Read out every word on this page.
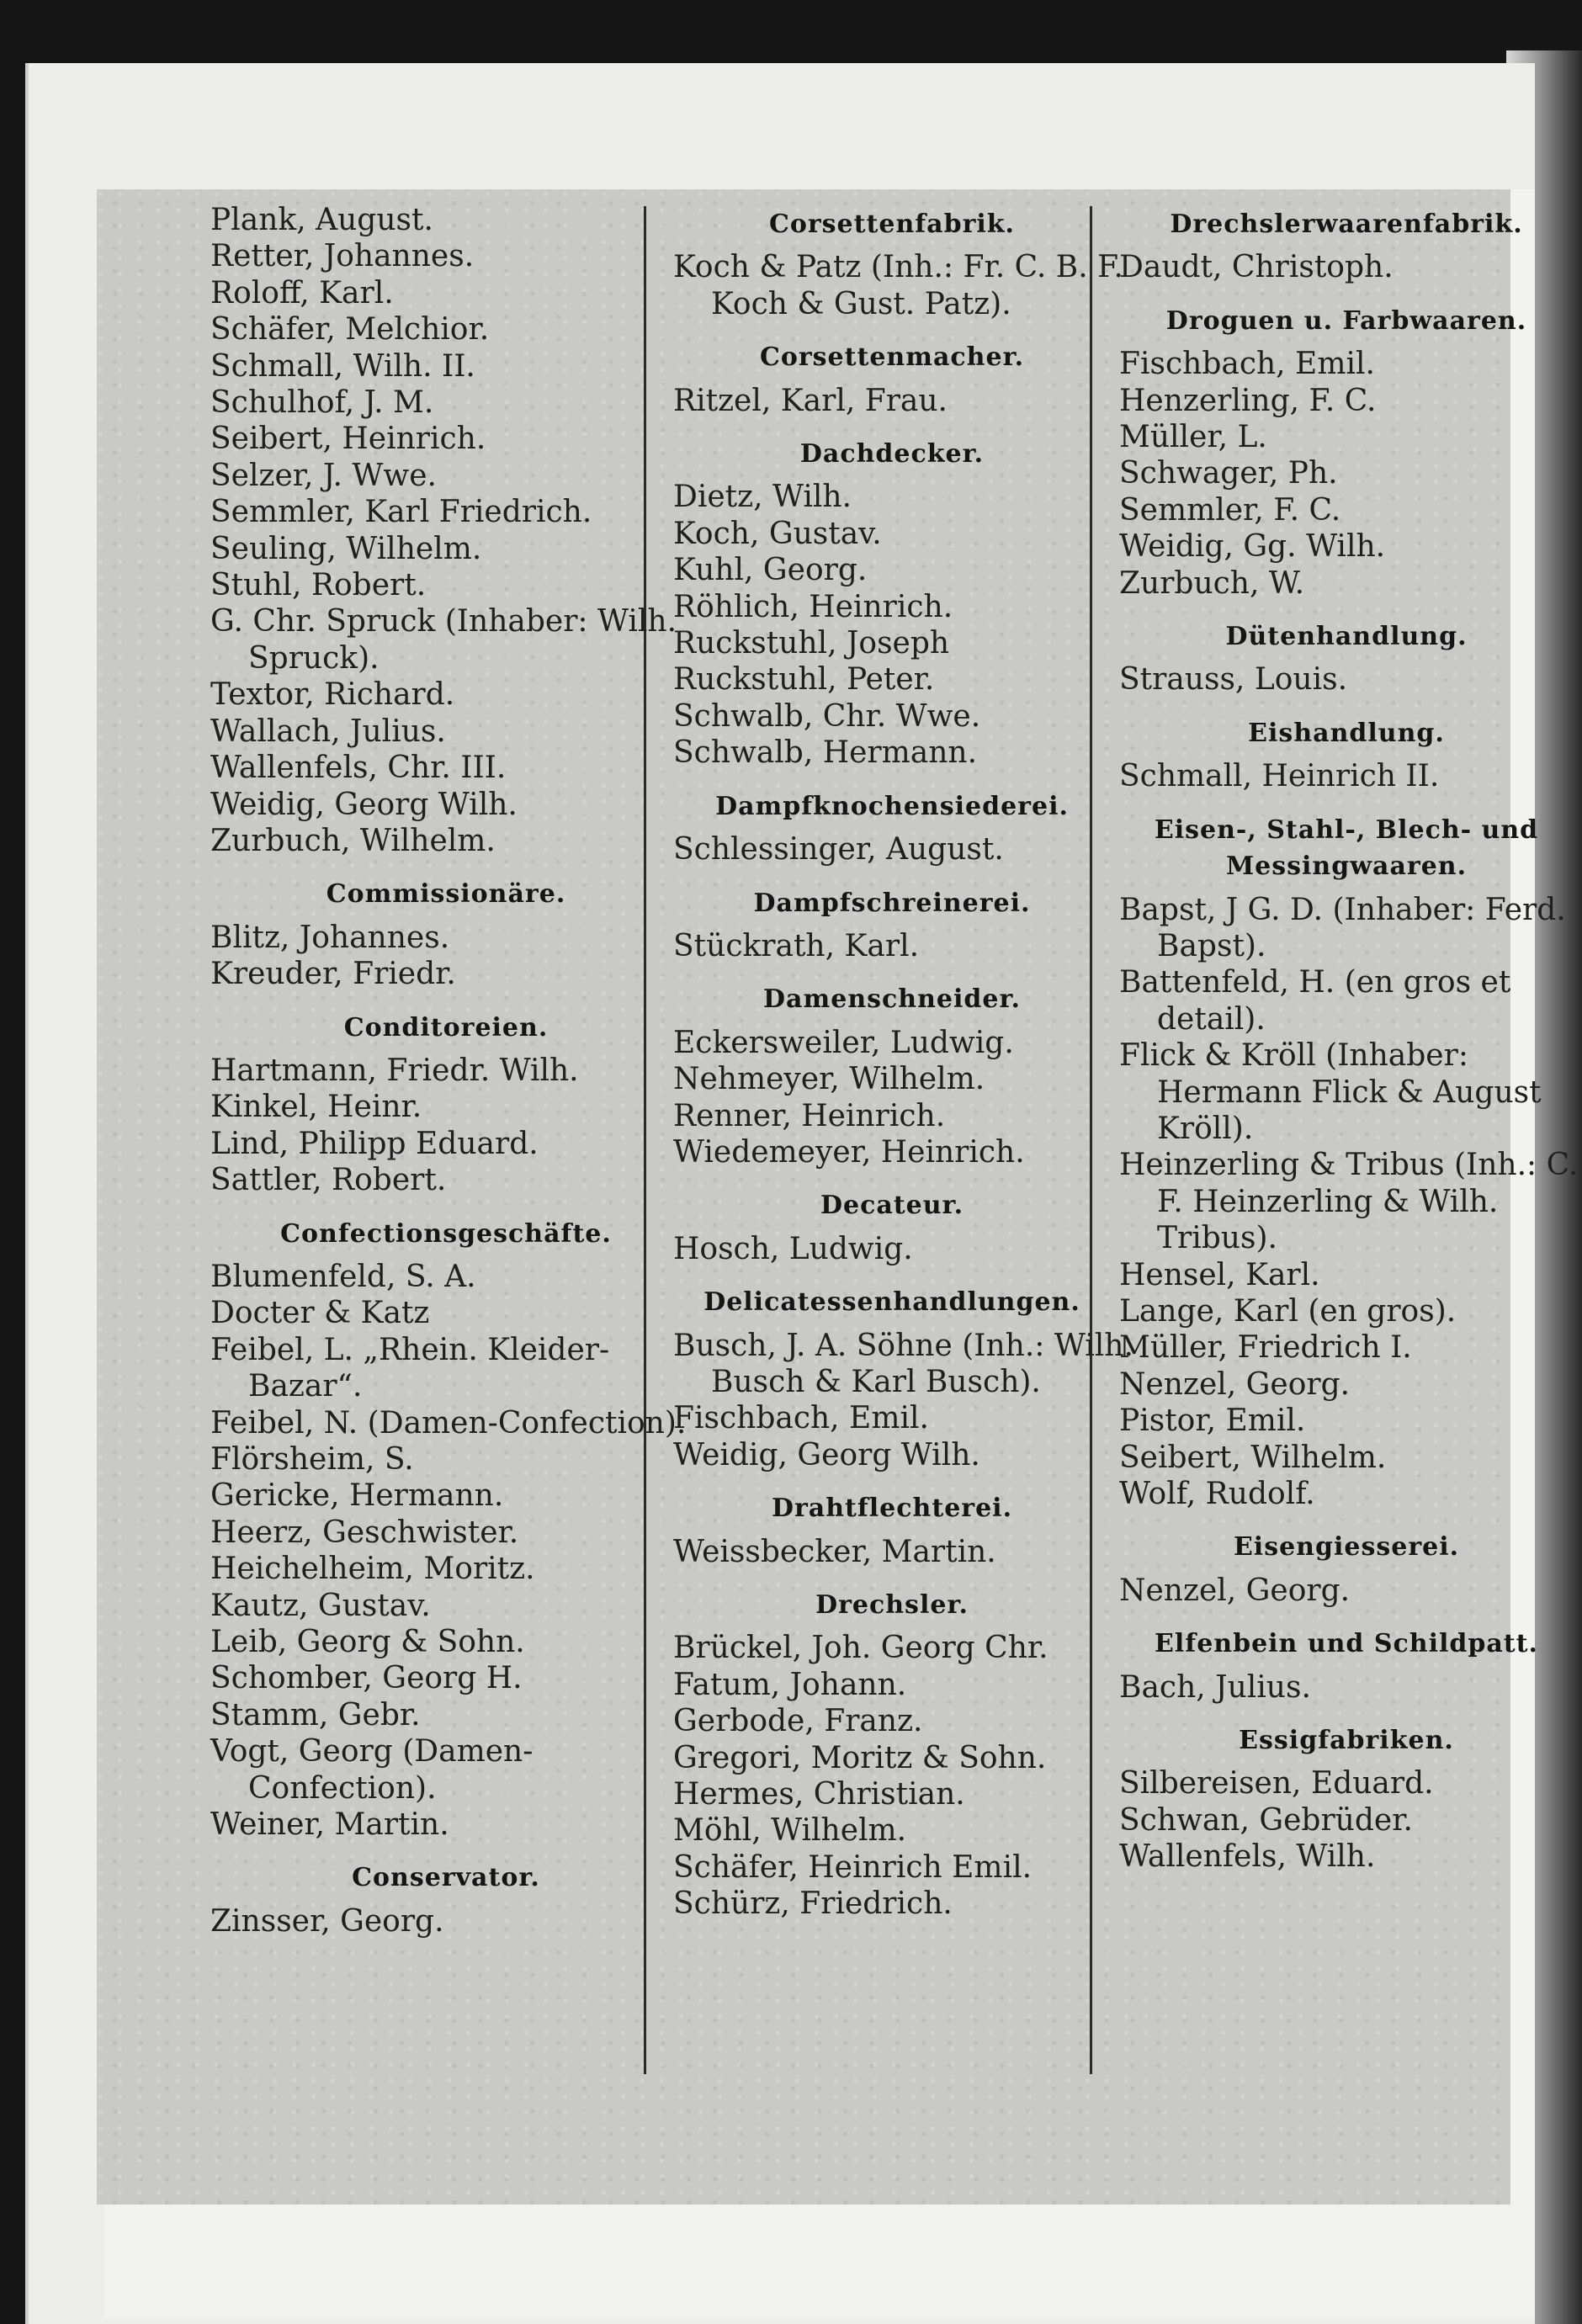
Plank, August.
Retter, Johannes.
Roloff, Karl.
Schäfer, Melchior.
Schmall, Wilh. II.
Schulhof, J. M.
Seibert, Heinrich.
Selzer, J. Wwe.
Semmler, Karl Friedrich.
Seuling, Wilhelm.
Stuhl, Robert.
G. Chr. Spruck (Inhaber: Wilh. Spruck).
Textor, Richard.
Wallach, Julius.
Wallenfels, Chr. III.
Weidig, Georg Wilh.
Zurbuch, Wilhelm.
Commissionäre.
Blitz, Johannes.
Kreuder, Friedr.
Conditoreien.
Hartmann, Friedr. Wilh.
Kinkel, Heinr.
Lind, Philipp Eduard.
Sattler, Robert.
Confectionsgeschäfte.
Blumenfeld, S. A.
Docter & Katz
Feibel, L. „Rhein. Kleider-Bazar“.
Feibel, N. (Damen-Confection).
Flörsheim, S.
Gericke, Hermann.
Heerz, Geschwister.
Heichelheim, Moritz.
Kautz, Gustav.
Leib, Georg & Sohn.
Schomber, Georg H.
Stamm, Gebr.
Vogt, Georg (Damen-Confection).
Weiner, Martin.
Conservator.
Zinsser, Georg.
Corsettenfabrik.
Koch & Patz (Inh.: Fr. C. B. F. Koch & Gust. Patz).
Corsettenmacher.
Ritzel, Karl, Frau.
Dachdecker.
Dietz, Wilh.
Koch, Gustav.
Kuhl, Georg.
Röhlich, Heinrich.
Ruckstuhl, Joseph
Ruckstuhl, Peter.
Schwalb, Chr. Wwe.
Schwalb, Hermann.
Dampfknochensiederei.
Schlessinger, August.
Dampfschreinerei.
Stückrath, Karl.
Damenschneider.
Eckersweiler, Ludwig.
Nehmeyer, Wilhelm.
Renner, Heinrich.
Wiedemeyer, Heinrich.
Decateur.
Hosch, Ludwig.
Delicatessenhandlungen.
Busch, J. A. Söhne (Inh.: Wilh. Busch & Karl Busch).
Fischbach, Emil.
Weidig, Georg Wilh.
Drahtflechterei.
Weissbecker, Martin.
Drechsler.
Brückel, Joh. Georg Chr.
Fatum, Johann.
Gerbode, Franz.
Gregori, Moritz & Sohn.
Hermes, Christian.
Möhl, Wilhelm.
Schäfer, Heinrich Emil.
Schürz, Friedrich.
Drechslerwaarenfabrik.
Daudt, Christoph.
Droguen u. Farbwaaren.
Fischbach, Emil.
Henzerling, F. C.
Müller, L.
Schwager, Ph.
Semmler, F. C.
Weidig, Gg. Wilh.
Zurbuch, W.
Dütenhandlung.
Strauss, Louis.
Eishandlung.
Schmall, Heinrich II.
Eisen-, Stahl-, Blech- und Messingwaaren.
Bapst, J G. D. (Inhaber: Ferd. Bapst).
Battenfeld, H. (en gros et detail).
Flick & Kröll (Inhaber: Hermann Flick & August Kröll).
Heinzerling & Tribus (Inh.: C. F. Heinzerling & Wilh. Tribus).
Hensel, Karl.
Lange, Karl (en gros).
Müller, Friedrich I.
Nenzel, Georg.
Pistor, Emil.
Seibert, Wilhelm.
Wolf, Rudolf.
Eisengiesserei.
Nenzel, Georg.
Elfenbein und Schildpatt.
Bach, Julius.
Essigfabriken.
Silbereisen, Eduard.
Schwan, Gebrüder.
Wallenfels, Wilh.
